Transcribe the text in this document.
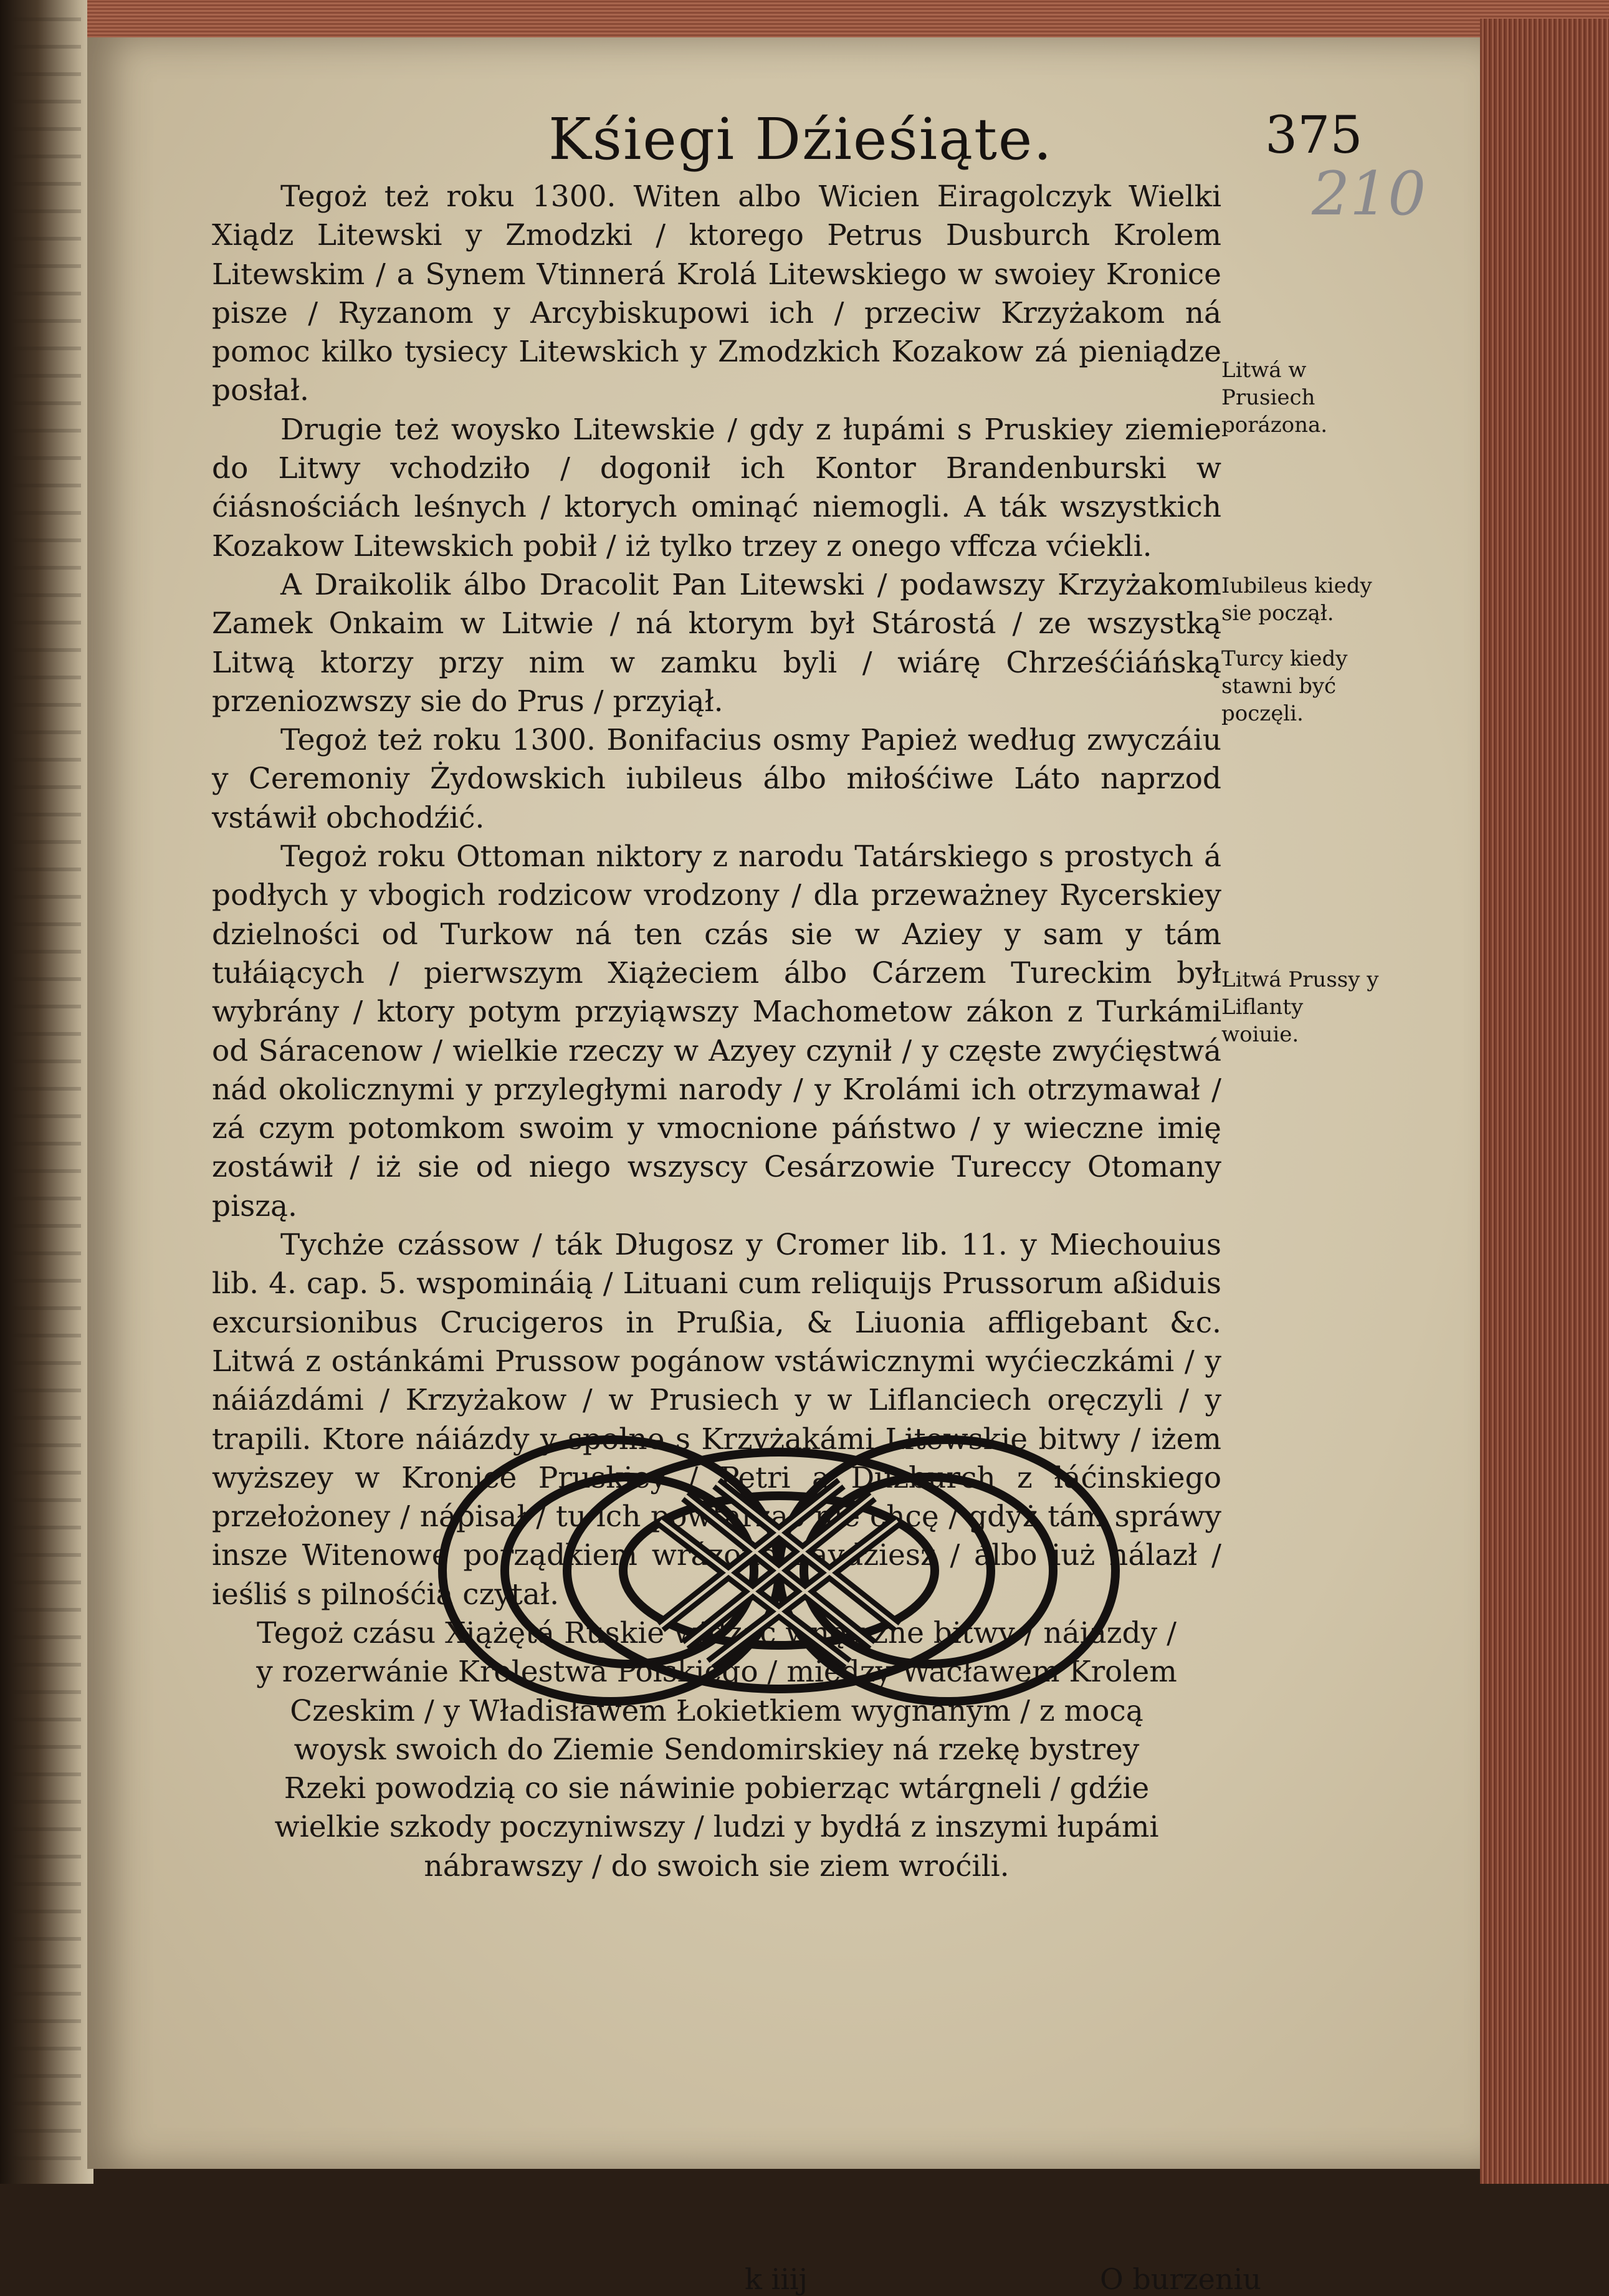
Kśiegi Dźieśiąte.	375
210

Tegoż też roku 1300. Witen albo Wicien Eiragolczyk Wielki Xiądz Litewski y Zmodzki / ktorego Petrus Dusburch Krolem Litewskim / a Synem Vtinnerá Krolá Litewskiego w swoiey Kronice pisze / Ryzanom y Arcybiskupowi ich / przeciw Krzyżakom ná pomoc kilko tysiecy Litewskich y Zmodzkich Kozakow zá pieniądze posłał.

Drugie też woysko Litewskie / gdy z łupámi s Pruskiey ziemie do Litwy vchodziło / dogonił ich Kontor Brandenburski w ćiásnościách leśnych / ktorych ominąć niemogli. A ták wszystkich Kozakow Litewskich pobił / iż tylko trzey z onego vffcza vćiekli.

A Draikolik álbo Dracolit Pan Litewski / podawszy Krzyżakom Zamek Onkaim w Litwie / ná ktorym był Stárostá / ze wszystką Litwą ktorzy przy nim w zamku byli / wiárę Chrześćiáńską przeniozwszy sie do Prus / przyiął.

Tegoż też roku 1300. Bonifacius osmy Papież według zwyczáiu y Ceremoniy Żydowskich iubileus álbo miłośćiwe Láto naprzod vstáwił obchodźić.

Tegoż roku Ottoman niktory z narodu Tatárskiego s prostych á podłych y vbogich rodzicow vrodzony / dla przeważney Rycerskiey dzielności od Turkow ná ten czás sie w Aziey y sam y tám tułáiących / pierwszym Xiążeciem álbo Cárzem Tureckim był wybrány / ktory potym przyiąwszy Machometow zákon z Turkámi od Sáracenow / wielkie rzeczy w Azyey czynił / y częste zwyćięstwá nád okolicznymi y przyległymi narody / y Krolámi ich otrzymawał / zá czym potomkom swoim y vmocnione páństwo / y wieczne imię zostáwił / iż sie od niego wszyscy Cesárzowie Tureccy Otomany piszą.

Tychże czássow / ták Długosz y Cromer lib. 11. y Miechouius lib. 4. cap. 5. wspomináią / Lituani cum reliquijs Prussorum aßiduis excursionibus Crucigeros in Prußia, & Liuonia affligebant &c. Litwá z ostánkámi Prussow pogánow vstáwicznymi wyćieczkámi / y náiázdámi / Krzyżakow / w Prusiech y w Liflanciech oręczyli / y trapili. Ktore náiázdy y spolne s Krzyżakámi Litewskie bitwy / iżem wyższey w Kronice Pruskiey / Petri a Duzburch z łáćinskiego przełożoney / nápisał / tu ich powtarząć nie chcę / gdyż tám spráwy insze Witenowe porządkiem wrázone naydźiesz / álbo iuż nálazł / ieśliś s pilnośćią czytał.

Tegoż czásu Xiążętá Ruskie widząc wnętrzne bitwy / náiázdy / y rozerwánie Krolestwá Polskiego / miedzy Wacławem Krolem Czeskim / y Władisławem Łokietkiem wygnánym / z mocą woysk swoich do Ziemie Sendomirskiey ná rzekę bystrey Rzeki powodzią co sie náwinie pobierząc wtárgneli / gdźie wielkie szkody poczyniwszy / ludzi y bydłá z inszymi łupámi nábrawszy / do swoich sie ziem wroćili.

Litwá w Prusiech porázona.
Iubileus kiedy sie począł.
Turcy kiedy stawni być poczęli.
Litwá Prussy y Liflanty woiuie.
k iiij	O burzeniu
